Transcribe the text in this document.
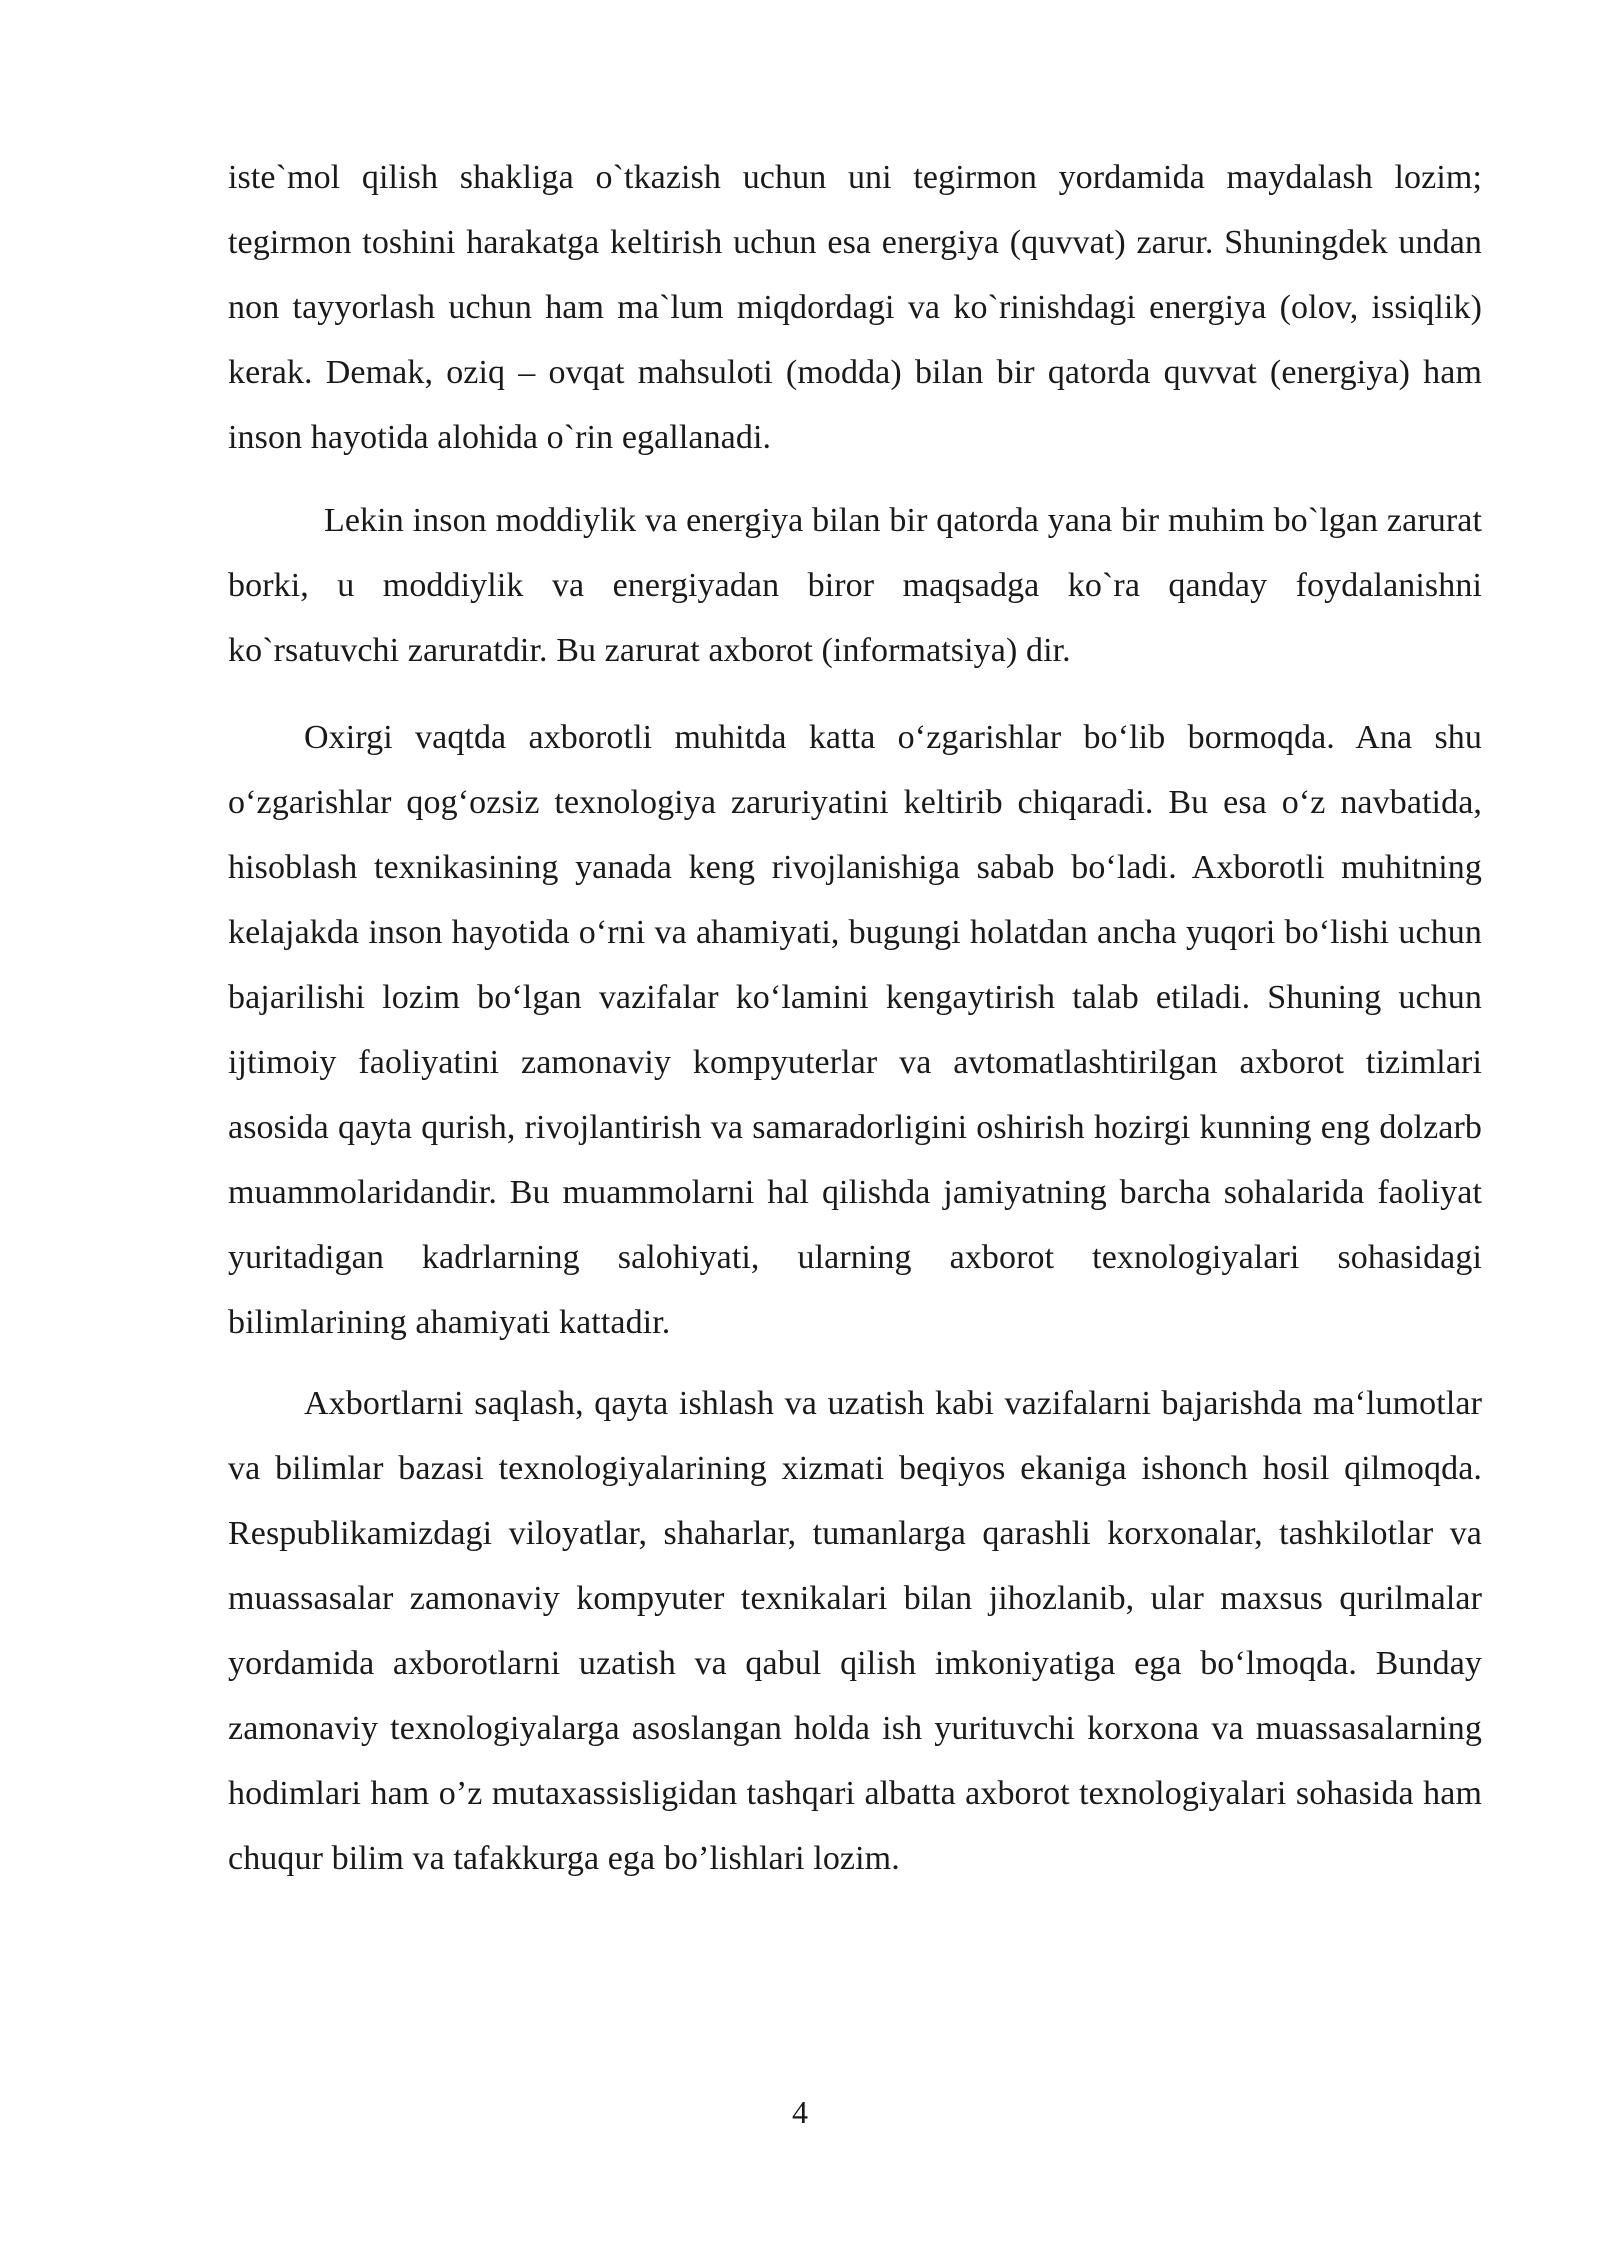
iste`mol qilish shakliga o`tkazish uchun uni tegirmon yordamida maydalash lozim; tegirmon toshini harakatga keltirish uchun esa energiya (quvvat) zarur. Shuningdek undan non tayyorlash uchun ham ma`lum miqdordagi va ko`rinishdagi energiya (olov, issiqlik) kerak. Demak, oziq – ovqat mahsuloti (modda) bilan bir qatorda quvvat (energiya) ham inson hayotida alohida o`rin egallanadi.

Lekin inson moddiylik va energiya bilan bir qatorda yana bir muhim bo`lgan zarurat borki, u moddiylik va energiyadan biror maqsadga ko`ra qanday foydalanishni ko`rsatuvchi zaruratdir. Bu zarurat axborot (informatsiya) dir.

Oxirgi vaqtda axborotli muhitda katta o‘zgarishlar bo‘lib bormoqda. Ana shu o‘zgarishlar qog‘ozsiz texnologiya zaruriyatini keltirib chiqaradi. Bu esa o‘z navbatida, hisoblash texnikasining yanada keng rivojlanishiga sabab bo‘ladi. Axborotli muhitning kelajakda inson hayotida o‘rni va ahamiyati, bugungi holatdan ancha yuqori bo‘lishi uchun bajarilishi lozim bo‘lgan vazifalar ko‘lamini kengaytirish talab etiladi. Shuning uchun ijtimoiy faoliyatini zamonaviy kompyuterlar va avtomatlashtirilgan axborot tizimlari asosida qayta qurish, rivojlantirish va samaradorligini oshirish hozirgi kunning eng dolzarb muammolaridandir. Bu muammolarni hal qilishda jamiyatning barcha sohalarida faoliyat yuritadigan kadrlarning salohiyati, ularning axborot texnologiyalari sohasidagi bilimlarining ahamiyati kattadir.

Axbortlarni saqlash, qayta ishlash va uzatish kabi vazifalarni bajarishda ma‘lumotlar va bilimlar bazasi texnologiyalarining xizmati beqiyos ekaniga ishonch hosil qilmoqda. Respublikamizdagi viloyatlar, shaharlar, tumanlarga qarashli korxonalar, tashkilotlar va muassasalar zamonaviy kompyuter texnikalari bilan jihozlanib, ular maxsus qurilmalar yordamida axborotlarni uzatish va qabul qilish imkoniyatiga ega bo‘lmoqda. Bunday zamonaviy texnologiyalarga asoslangan holda ish yurituvchi korxona va muassasalarning hodimlari ham o’z mutaxassisligidan tashqari albatta axborot texnologiyalari sohasida ham chuqur bilim va tafakkurga ega bo’lishlari lozim.

4
